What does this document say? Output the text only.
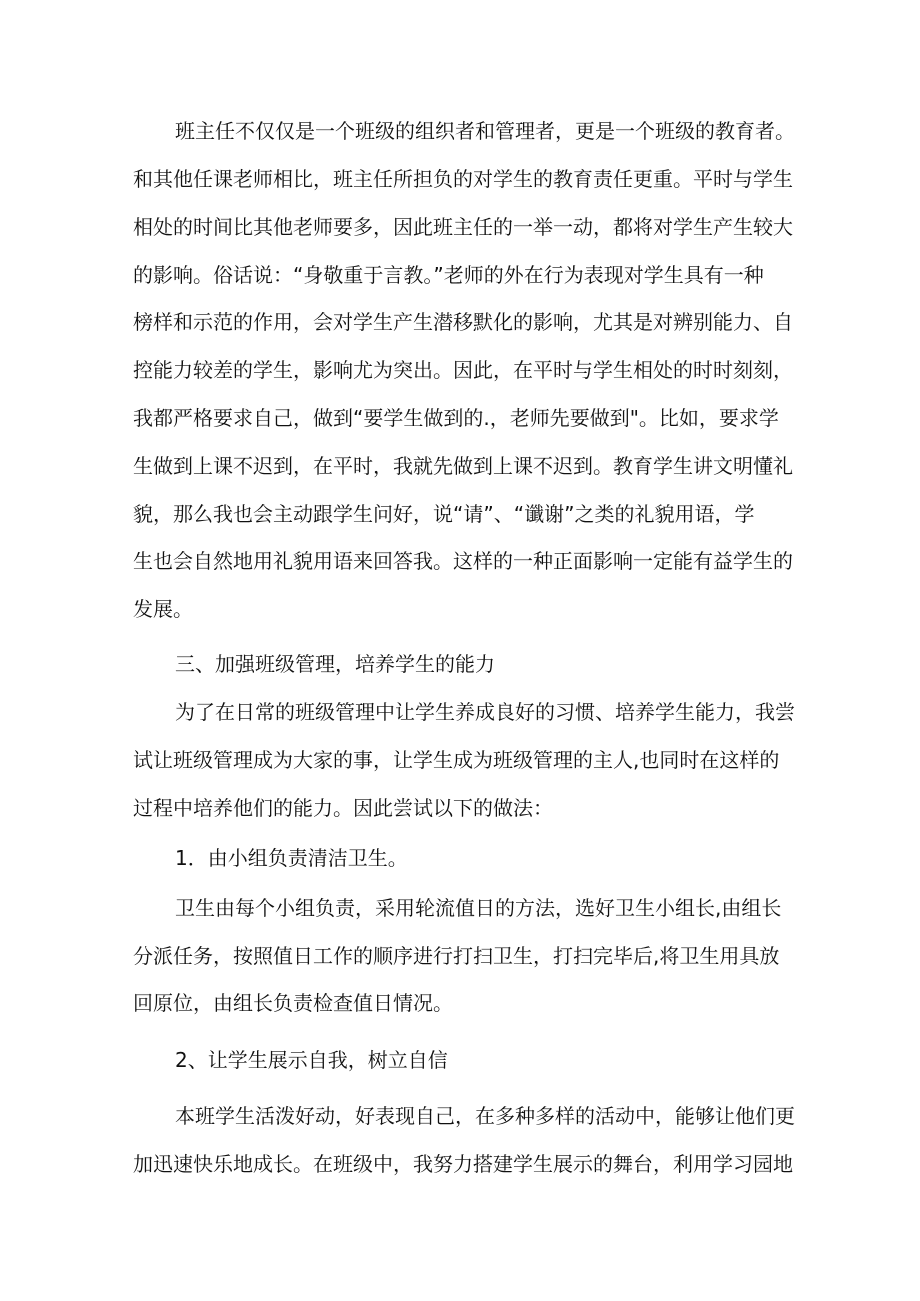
班主任不仅仅是一个班级的组织者和管理者，更是一个班级的教育者。
和其他任课老师相比，班主任所担负的对学生的教育责任更重。平时与学生
相处的时间比其他老师要多，因此班主任的一举一动，都将对学生产生较大
的影响。俗话说：“身敬重于言教。”老师的外在行为表现对学生具有一种
榜样和示范的作用，会对学生产生潜移默化的影响，尤其是对辨别能力、自
控能力较差的学生，影响尤为突出。因此，在平时与学生相处的时时刻刻，
我都严格要求自己，做到“要学生做到的.，老师先要做到"。比如，要求学
生做到上课不迟到，在平时，我就先做到上课不迟到。教育学生讲文明懂礼
貌，那么我也会主动跟学生问好，说“请”、“谶谢”之类的礼貌用语，学
生也会自然地用礼貌用语来回答我。这样的一种正面影响一定能有益学生的
发展。
三、加强班级管理，培养学生的能力
为了在日常的班级管理中让学生养成良好的习惯、培养学生能力，我尝
试让班级管理成为大家的事，让学生成为班级管理的主人,也同时在这样的
过程中培养他们的能力。因此尝试以下的做法：
1．由小组负责清洁卫生。
卫生由每个小组负责，采用轮流值日的方法，选好卫生小组长,由组长
分派任务，按照值日工作的顺序进行打扫卫生，打扫完毕后,将卫生用具放
回原位，由组长负责检查值日情况。
2、让学生展示自我，树立自信
本班学生活泼好动，好表现自己，在多种多样的活动中，能够让他们更
加迅速快乐地成长。在班级中，我努力搭建学生展示的舞台，利用学习园地
